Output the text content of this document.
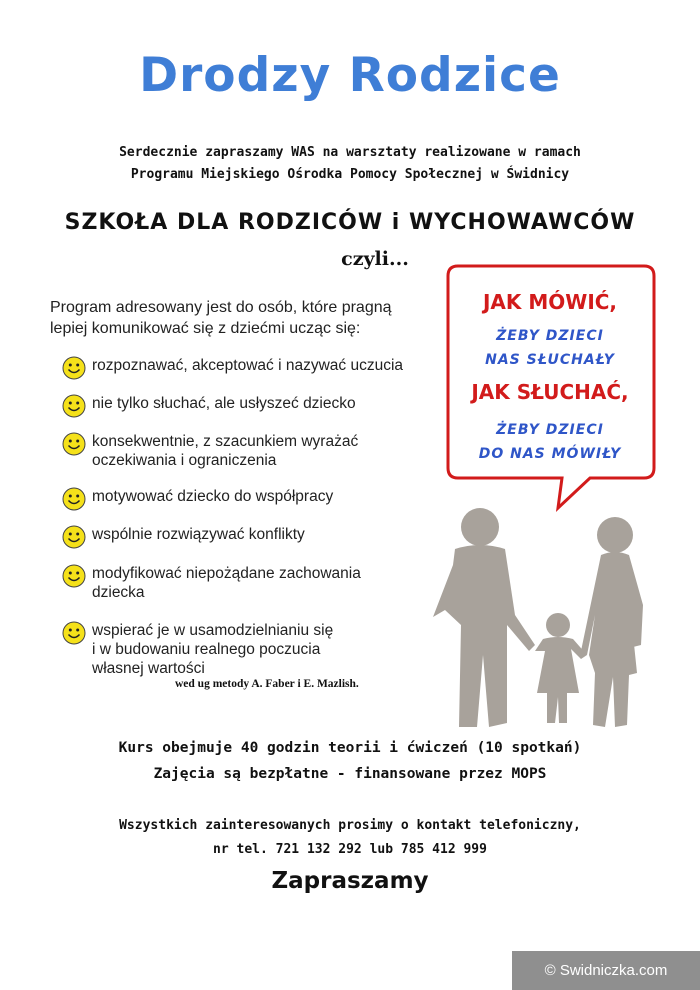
Drodzy Rodzice
Serdecznie zapraszamy WAS na warsztaty realizowane w ramach
Programu Miejskiego Ośrodka Pomocy Społecznej w Świdnicy
SZKOŁA DLA RODZICÓW i WYCHOWAWCÓW
czyli...
Program adresowany jest do osób, które pragną
lepiej komunikować się z dziećmi ucząc się:
rozpoznawać, akceptować i nazywać uczucia
nie tylko słuchać, ale usłyszeć dziecko
konsekwentnie, z szacunkiem wyrażać
oczekiwania i ograniczenia
motywować dziecko do współpracy
wspólnie rozwiązywać konflikty
modyfikować niepożądane zachowania
dziecka
wspierać je w usamodzielnianiu się
i w budowaniu realnego poczucia
własnej wartości
wed ug metody A. Faber i E. Mazlish.
JAK MÓWIĆ,
ŻEBY DZIECI
NAS SŁUCHAŁY
JAK SŁUCHAĆ,
ŻEBY DZIECI
DO NAS MÓWIŁY
Kurs obejmuje 40 godzin teorii i ćwiczeń (10 spotkań)
Zajęcia są bezpłatne - finansowane przez MOPS
Wszystkich zainteresowanych prosimy o kontakt telefoniczny,
nr tel. 721 132 292 lub 785 412 999
Zapraszamy
© Swidniczka.com
